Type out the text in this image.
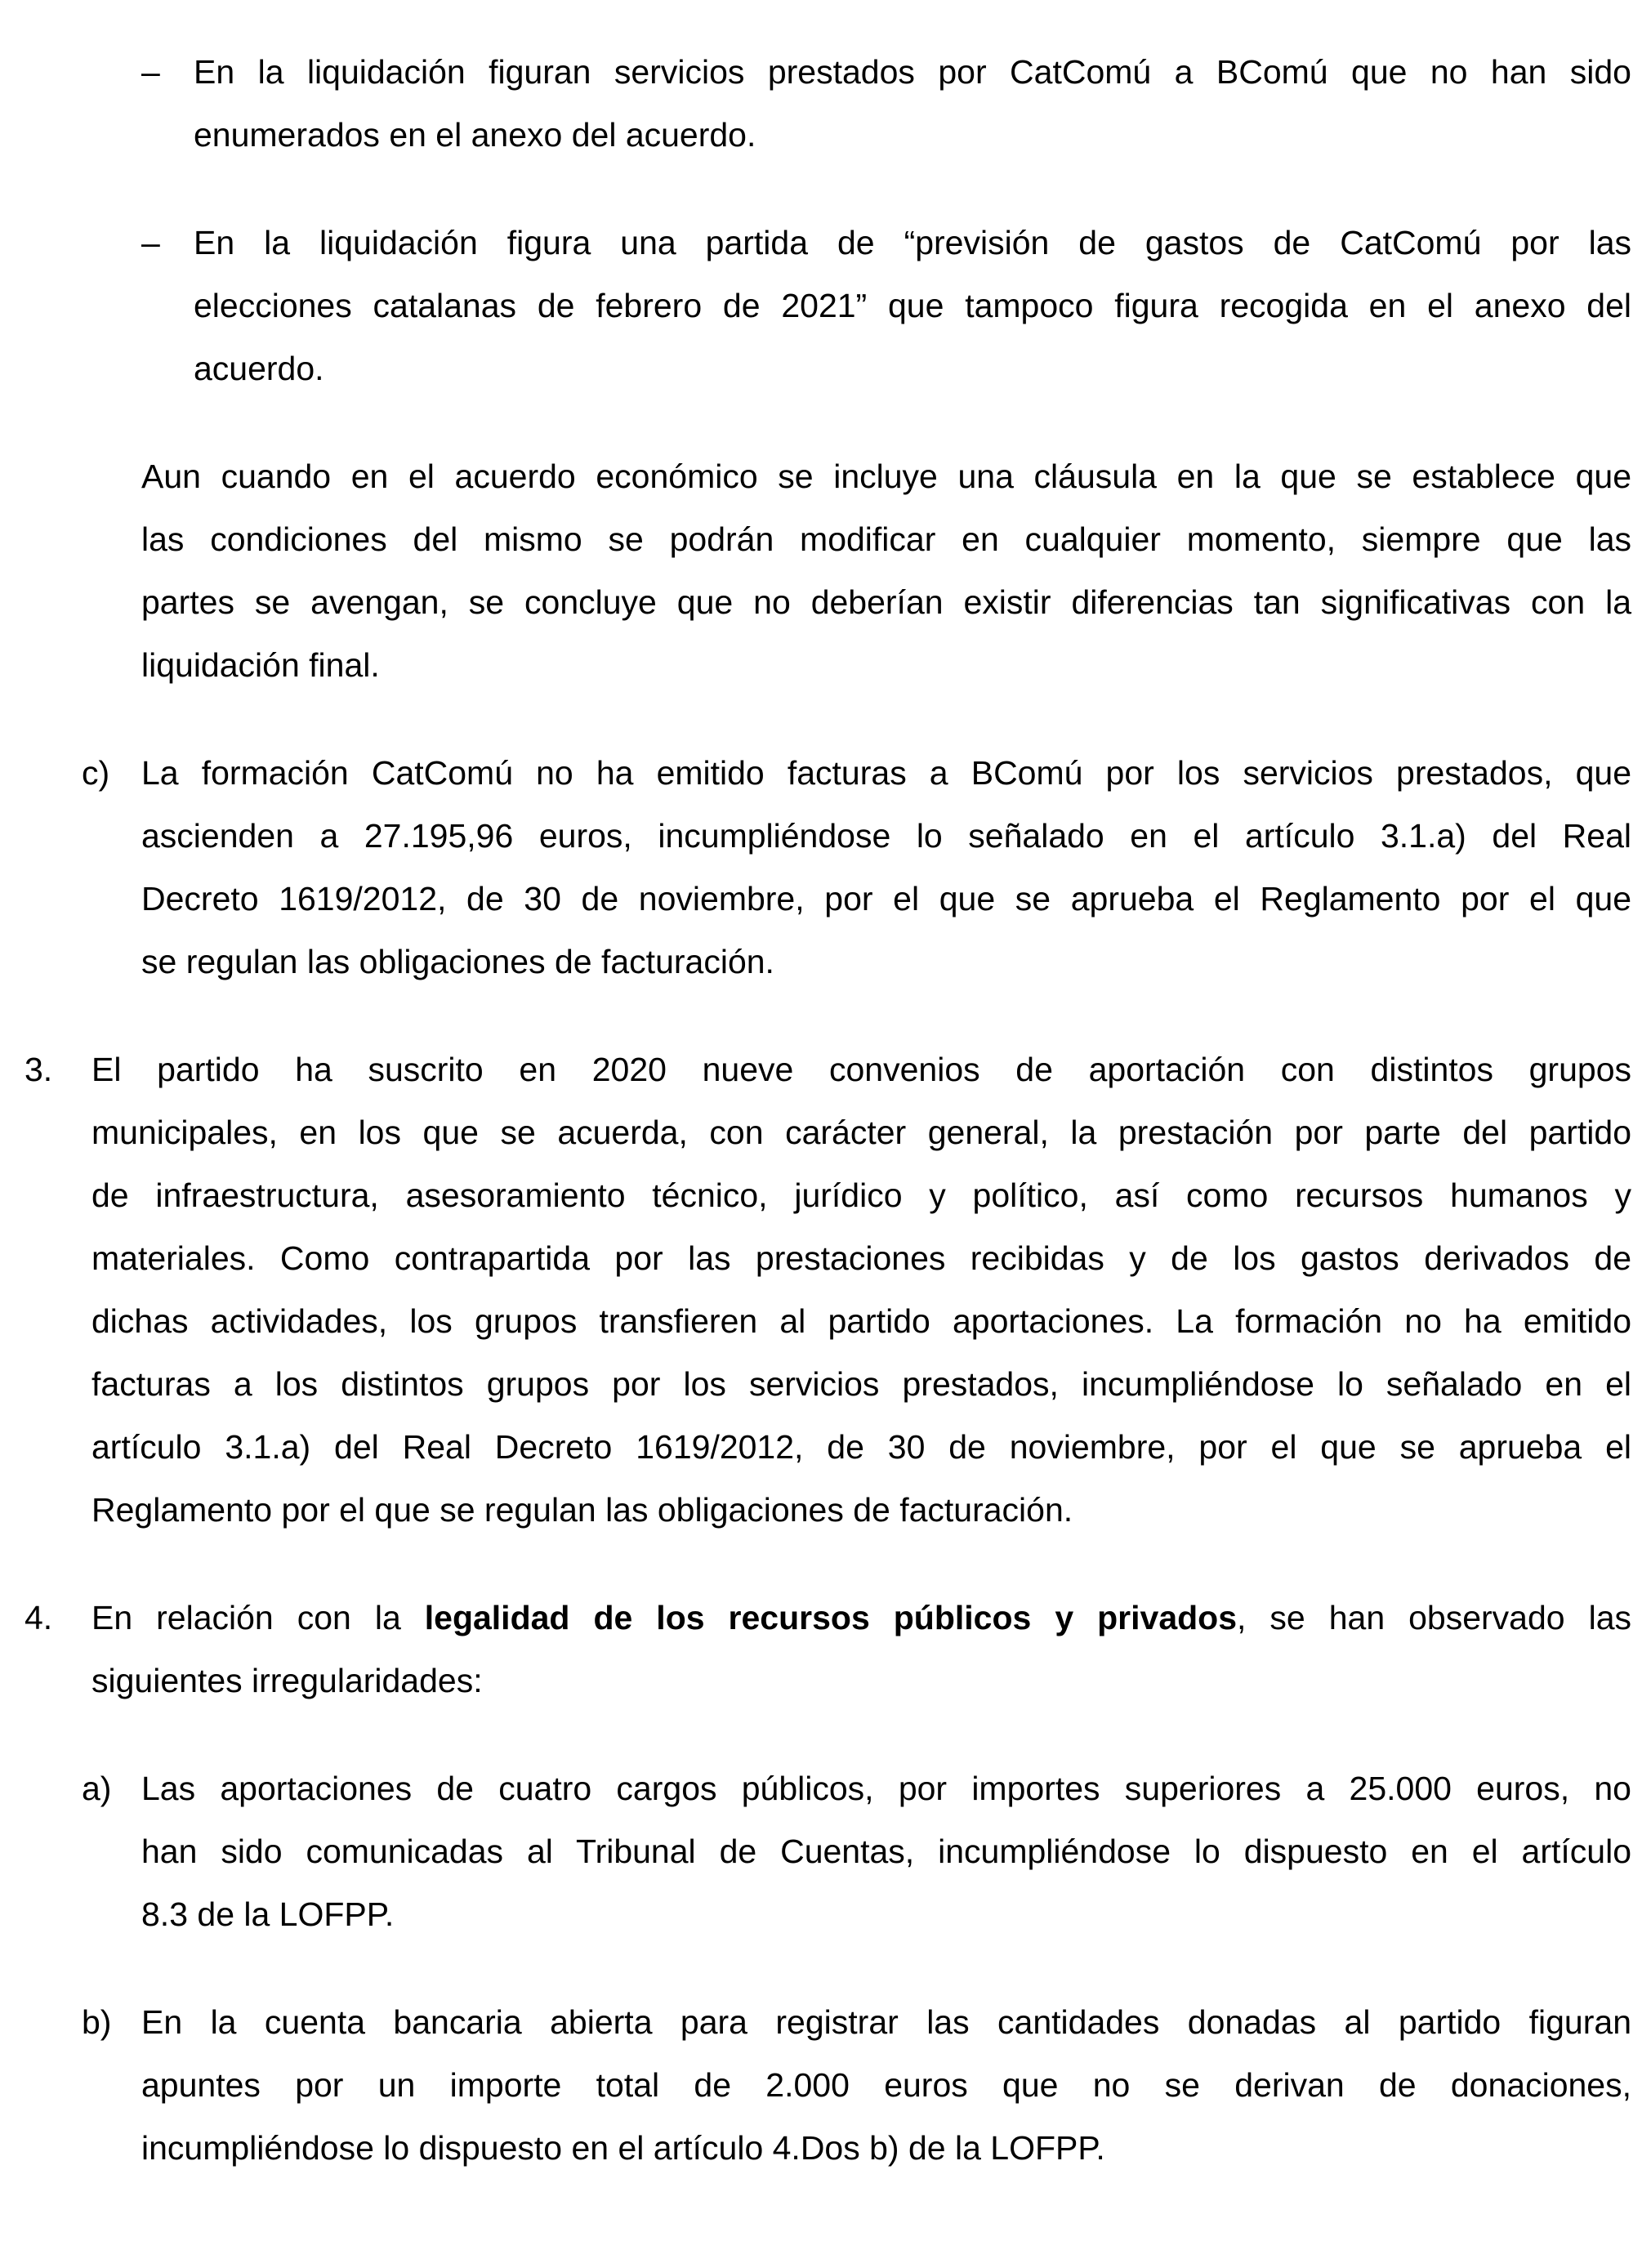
–	En la liquidación figuran servicios prestados por CatComú a BComú que no han sido
enumerados en el anexo del acuerdo.
–	En la liquidación figura una partida de “previsión de gastos de CatComú por las
elecciones catalanas de febrero de 2021” que tampoco figura recogida en el anexo del
acuerdo.
Aun cuando en el acuerdo económico se incluye una cláusula en la que se establece que
las condiciones del mismo se podrán modificar en cualquier momento, siempre que las
partes se avengan, se concluye que no deberían existir diferencias tan significativas con la
liquidación final.
c) La formación CatComú no ha emitido facturas a BComú por los servicios prestados, que
ascienden a 27.195,96 euros, incumpliéndose lo señalado en el artículo 3.1.a) del Real
Decreto 1619/2012, de 30 de noviembre, por el que se aprueba el Reglamento por el que
se regulan las obligaciones de facturación.
3.	El partido ha suscrito en 2020 nueve convenios de aportación con distintos grupos
municipales, en los que se acuerda, con carácter general, la prestación por parte del partido
de infraestructura, asesoramiento técnico, jurídico y político, así como recursos humanos y
materiales. Como contrapartida por las prestaciones recibidas y de los gastos derivados de
dichas actividades, los grupos transfieren al partido aportaciones. La formación no ha emitido
facturas a los distintos grupos por los servicios prestados, incumpliéndose lo señalado en el
artículo 3.1.a) del Real Decreto 1619/2012, de 30 de noviembre, por el que se aprueba el
Reglamento por el que se regulan las obligaciones de facturación.
4.	En relación con la legalidad de los recursos públicos y privados, se han observado las
siguientes irregularidades:
a) Las aportaciones de cuatro cargos públicos, por importes superiores a 25.000 euros, no
han sido comunicadas al Tribunal de Cuentas, incumpliéndose lo dispuesto en el artículo
8.3 de la LOFPP.
b) En la cuenta bancaria abierta para registrar las cantidades donadas al partido figuran
apuntes por un importe total de 2.000 euros que no se derivan de donaciones,
incumpliéndose lo dispuesto en el artículo 4.Dos b) de la LOFPP.
